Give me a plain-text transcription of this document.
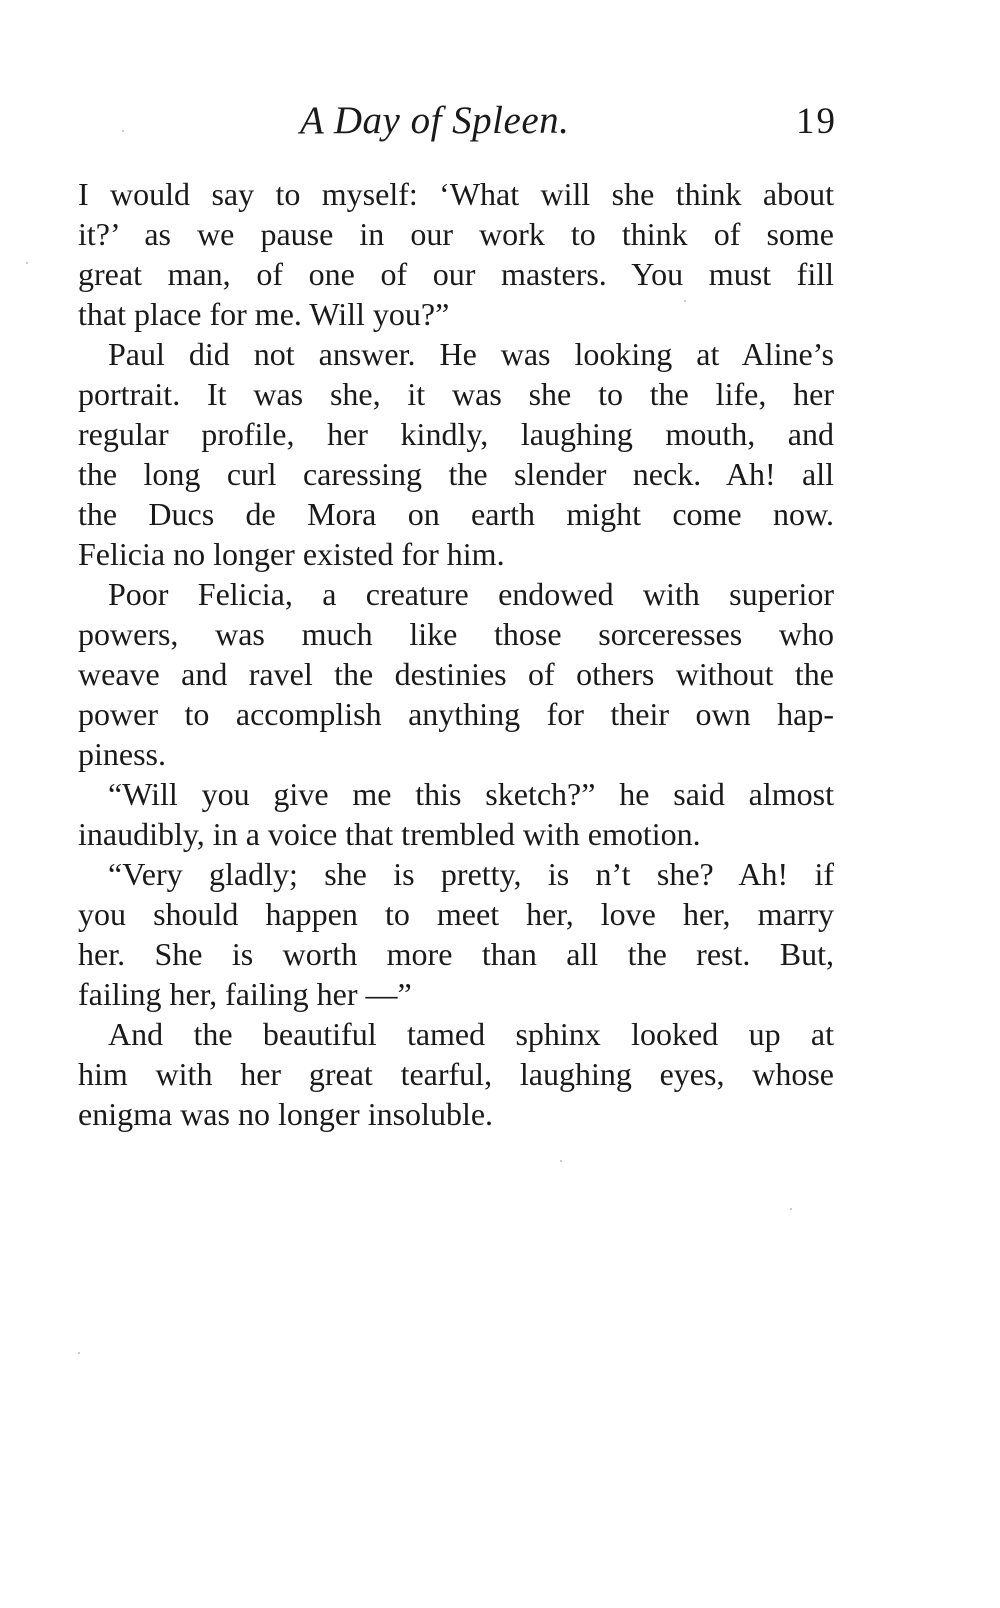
A Day of Spleen.	19
I would say to myself: ‘What will she think about
it?’ as we pause in our work to think of some
great man, of one of our masters. You must fill
that place for me. Will you?”
Paul did not answer. He was looking at Aline’s
portrait. It was she, it was she to the life, her
regular profile, her kindly, laughing mouth, and
the long curl caressing the slender neck. Ah! all
the Ducs de Mora on earth might come now.
Felicia no longer existed for him.
Poor Felicia, a creature endowed with superior
powers, was much like those sorceresses who
weave and ravel the destinies of others without the
power to accomplish anything for their own hap-
piness.
“Will you give me this sketch?” he said almost
inaudibly, in a voice that trembled with emotion.
“Very gladly; she is pretty, is n’t she? Ah! if
you should happen to meet her, love her, marry
her. She is worth more than all the rest. But,
failing her, failing her —”
And the beautiful tamed sphinx looked up at
him with her great tearful, laughing eyes, whose
enigma was no longer insoluble.
